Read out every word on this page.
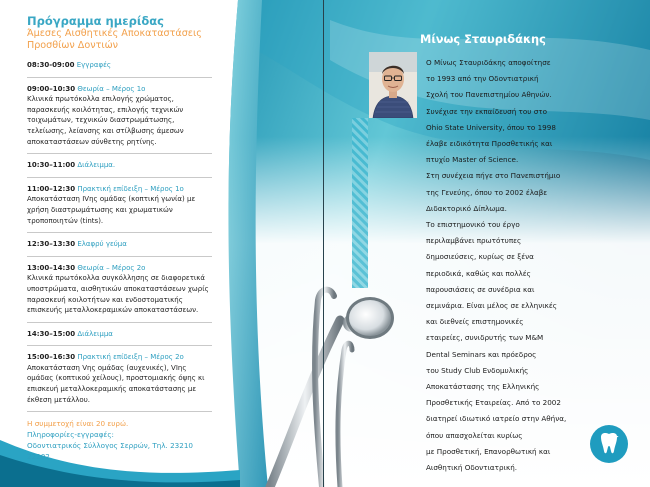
Πρόγραμμα ημερίδας
Άμεσες Αισθητικές Αποκαταστάσεις
Προσθίων Δοντιών
08:30-09:00 Εγγραφές
09:00–10:30 Θεωρία – Μέρος 1ο
Κλινικά πρωτόκολλα επιλογής χρώματος, παρασκευής κοιλότητας, επιλογής τεχνικών τοιχωμάτων, τεχνικών διαστρωμάτωσης, τελείωσης, λείανσης και στίλβωσης άμεσων αποκαταστάσεων σύνθετης ρητίνης.
10:30–11:00 Διάλειμμα.
11:00–12:30 Πρακτική επίδειξη – Μέρος 1ο
Αποκατάσταση IVης ομάδας (κοπτική γωνία) με χρήση διαστρωμάτωσης και χρωματικών τροποποιητών (tints).
12:30–13:30 Ελαφρύ γεύμα
13:00–14:30 Θεωρία – Μέρος 2ο
Κλινικά πρωτόκολλα συγκόλλησης σε διαφορετικά υποστρώματα, αισθητικών αποκαταστάσεων χωρίς παρασκευή κοιλοτήτων και ενδοστοματικής επισκευής μεταλλοκεραμικών αποκαταστάσεων.
14:30–15:00 Διάλειμμα
15:00–16:30 Πρακτική επίδειξη – Μέρος 2ο
Αποκατάσταση Vης ομάδας (αυχενικές), VΙης ομάδας (κοπτικού χείλους), προστομιακής όψης κι επισκευή μεταλλοκεραμικής αποκατάστασης με έκθεση μετάλλου.
Η συμμετοχή είναι 20 ευρώ.
Πληροφορίες-εγγραφές:
Οδοντιατρικός Σύλλογος Σερρών, Τηλ. 23210 22202
Μίνως Σταυριδάκης
Ο Μίνως Σταυριδάκης αποφοίτησε
το 1993 από την Οδοντιατρική
Σχολή του Πανεπιστημίου Αθηνών.
Συνέχισε την εκπαίδευσή του στο
Ohio State University, όπου το 1998
έλαβε ειδικότητα Προσθετικής και
πτυχίο Master of Science.
Στη συνέχεια πήγε στο Πανεπιστήμιο
της Γενεύης, όπου το 2002 έλαβε
Διδακτορικό Δίπλωμα.
Το επιστημονικό του έργο
περιλαμβάνει πρωτότυπες
δημοσιεύσεις, κυρίως σε ξένα
περιοδικά, καθώς και πολλές
παρουσιάσεις σε συνέδρια και
σεμινάρια. Είναι μέλος σε ελληνικές
και διεθνείς επιστημονικές
εταιρείες, συνιδρυτής των M&M
Dental Seminars και πρόεδρος
του Study Club Ενδομυλικής
Αποκατάστασης της Ελληνικής
Προσθετικής Εταιρείας. Από το 2002
διατηρεί ιδιωτικό ιατρείο στην Αθήνα,
όπου απασχολείται κυρίως
με Προσθετική, Επανορθωτική και
Αισθητική Οδοντιατρική.
